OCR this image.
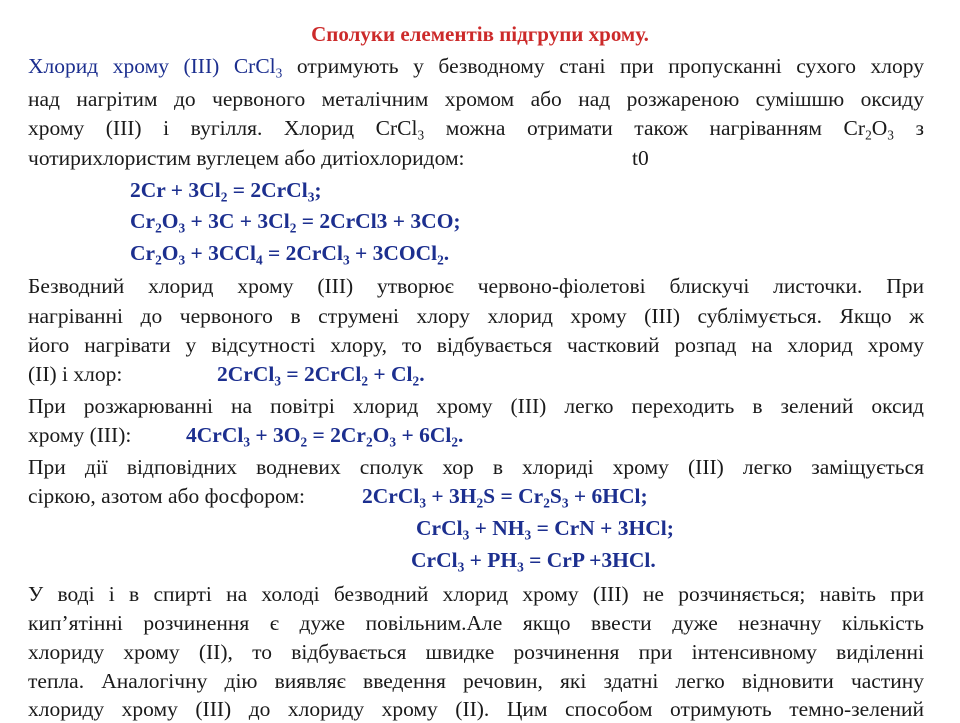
Сполуки елементів підгрупи хрому.
Хлорид хрому (III) CrCl$_3$ отримують у безводному стані при пропусканні сухого хлору
над нагрітим до червоного металічним хромом або над розжареною сумішшю оксиду
хрому (III) і вугілля. Хлорид CrCl$_3$ можна отримати також нагріванням $Cr_2O_3$ з
чотирихлористим вуглецем або дитіохлоридом:	t0
$2Cr + 3Cl_2$ = 2CrCl$_3$;
$Cr_2O_3 + 3C + 3Cl_2$ = 2CrCl3 + 3CO;
$Cr_2O_3 + 3CCl_4$ = 2CrCl$_3$ + 3COCl$_2$.
Безводний хлорид хрому (III) утворює червоно-фіолетові блискучі листочки. При
нагріванні до червоного в струмені хлору хлорид хрому (III) сублімується. Якщо ж
його нагрівати у відсутності хлору, то відбувається частковий розпад на хлорид хрому
(II) і хлор:	2CrCl$_3$ = 2CrCl$_2$ + $Cl_2$.
При розжарюванні на повітрі хлорид хрому (III) легко переходить в зелений оксид
хрому (III):	4CrCl$_3$ + $3O_2 = 2Cr_2O_3 + 6Cl_2$.
При дії відповідних водневих сполук хор в хлориді хрому (III) легко заміщується
сіркою, азотом або фосфором:	2CrCl$_3$ + $3H_2S = Cr_2S_3 + 6HCl$;
CrCl$_3$ + $NH_3$ = CrN + 3HCl;
CrCl$_3$ + $PH_3$ = CrP +3HCl.
У воді і в спирті на холоді безводний хлорид хрому (III) не розчиняється; навіть при
кип’ятінні розчинення є дуже повільним.Але якщо ввести дуже незначну кількість
хлориду хрому (II), то відбувається швидке розчинення при інтенсивному виділенні
тепла. Аналогічну дію виявляє введення речовин, які здатні легко відновити частину
хлориду хрому (III) до хлориду хрому (II). Цим способом отримують темно-зелений
